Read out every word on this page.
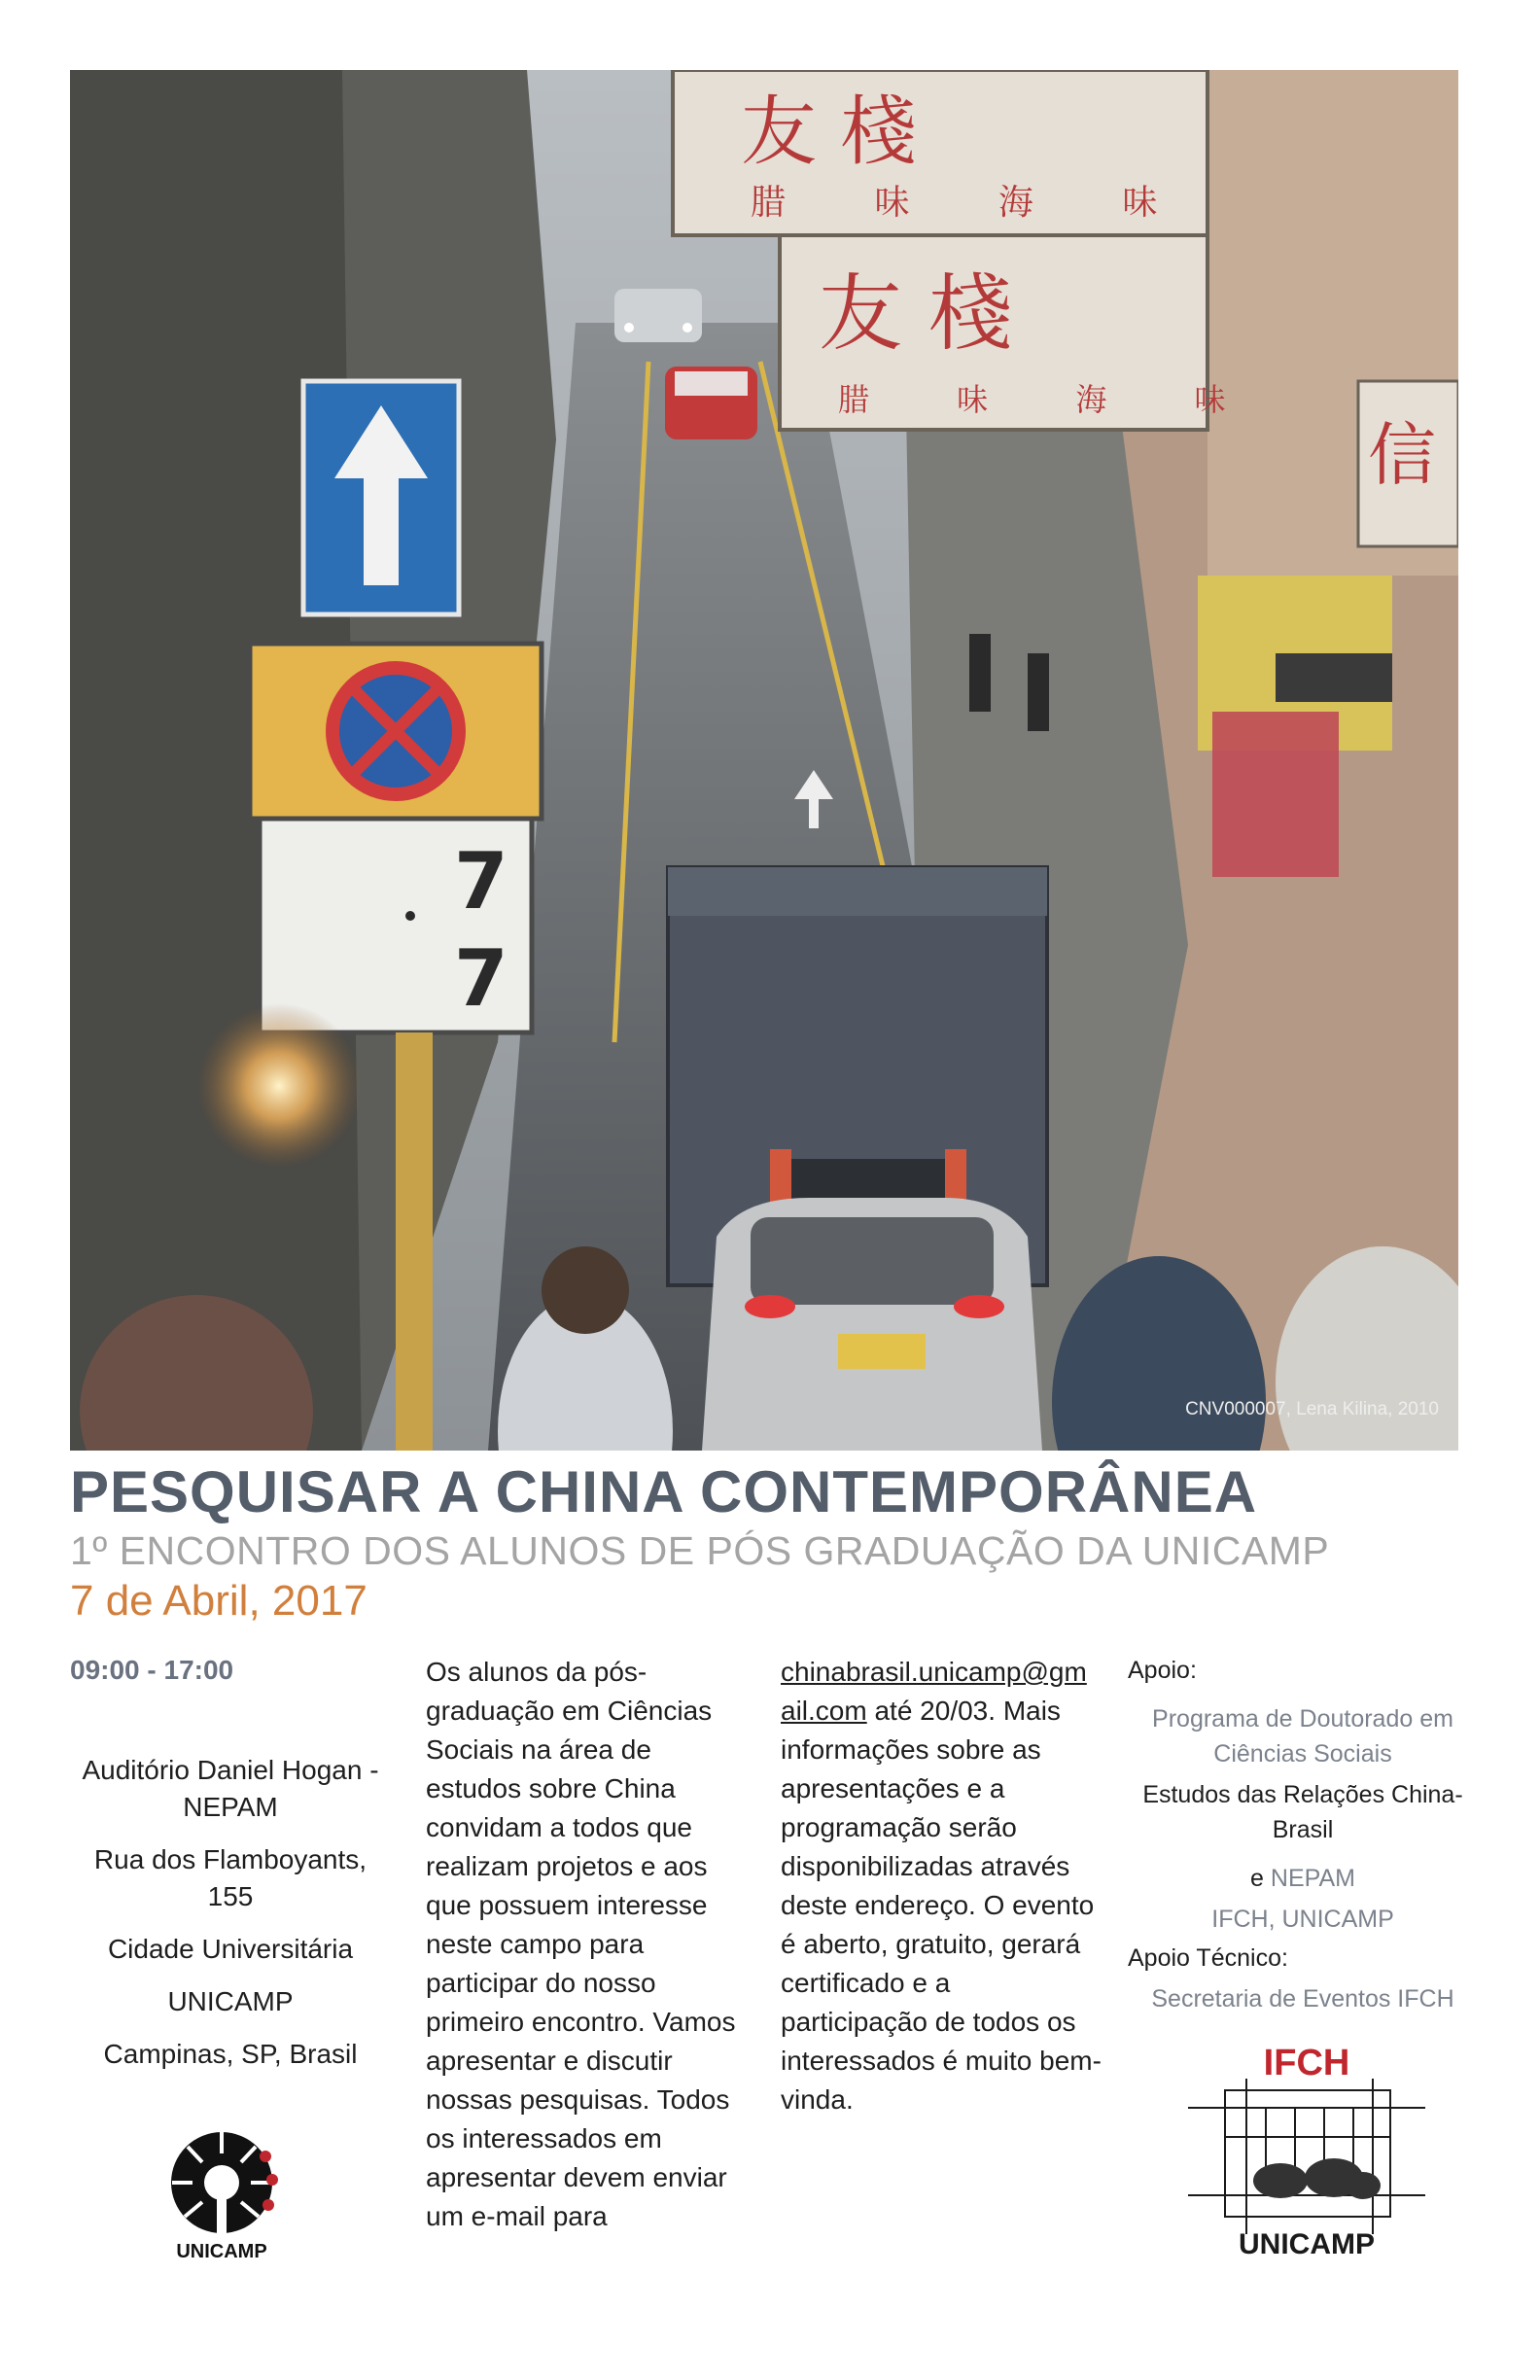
友 棧
腊 味 海 味
友 棧
腊 味 海 味
信
7
7
CNV000007, Lena Kilina, 2010
PESQUISAR A CHINA CONTEMPORÂNEA
1º ENCONTRO DOS ALUNOS DE PÓS GRADUAÇÃO DA UNICAMP
7 de Abril, 2017
09:00 - 17:00

Auditório Daniel Hogan - NEPAM

Rua dos Flamboyants, 155

Cidade Universitária

UNICAMP

Campinas, SP, Brasil

UNICAMP
Os alunos da pós-graduação em Ciências Sociais na área de estudos sobre China convidam a todos que realizam projetos e aos que possuem interesse neste campo para participar do nosso primeiro encontro. Vamos apresentar e discutir nossas pesquisas. Todos os interessados em apresentar devem enviar um e-mail para
chinabrasil.unicamp@gmail.com até 20/03. Mais informações sobre as apresentações e a programação serão disponibilizadas através deste endereço. O evento é aberto, gratuito, gerará certificado e a participação de todos os interessados é muito bem-vinda.

Apoio:

Programa de Doutorado em Ciências Sociais

Estudos das Relações China-Brasil

e NEPAM

IFCH, UNICAMP

Apoio Técnico:

Secretaria de Eventos IFCH

IFCH
UNICAMP
